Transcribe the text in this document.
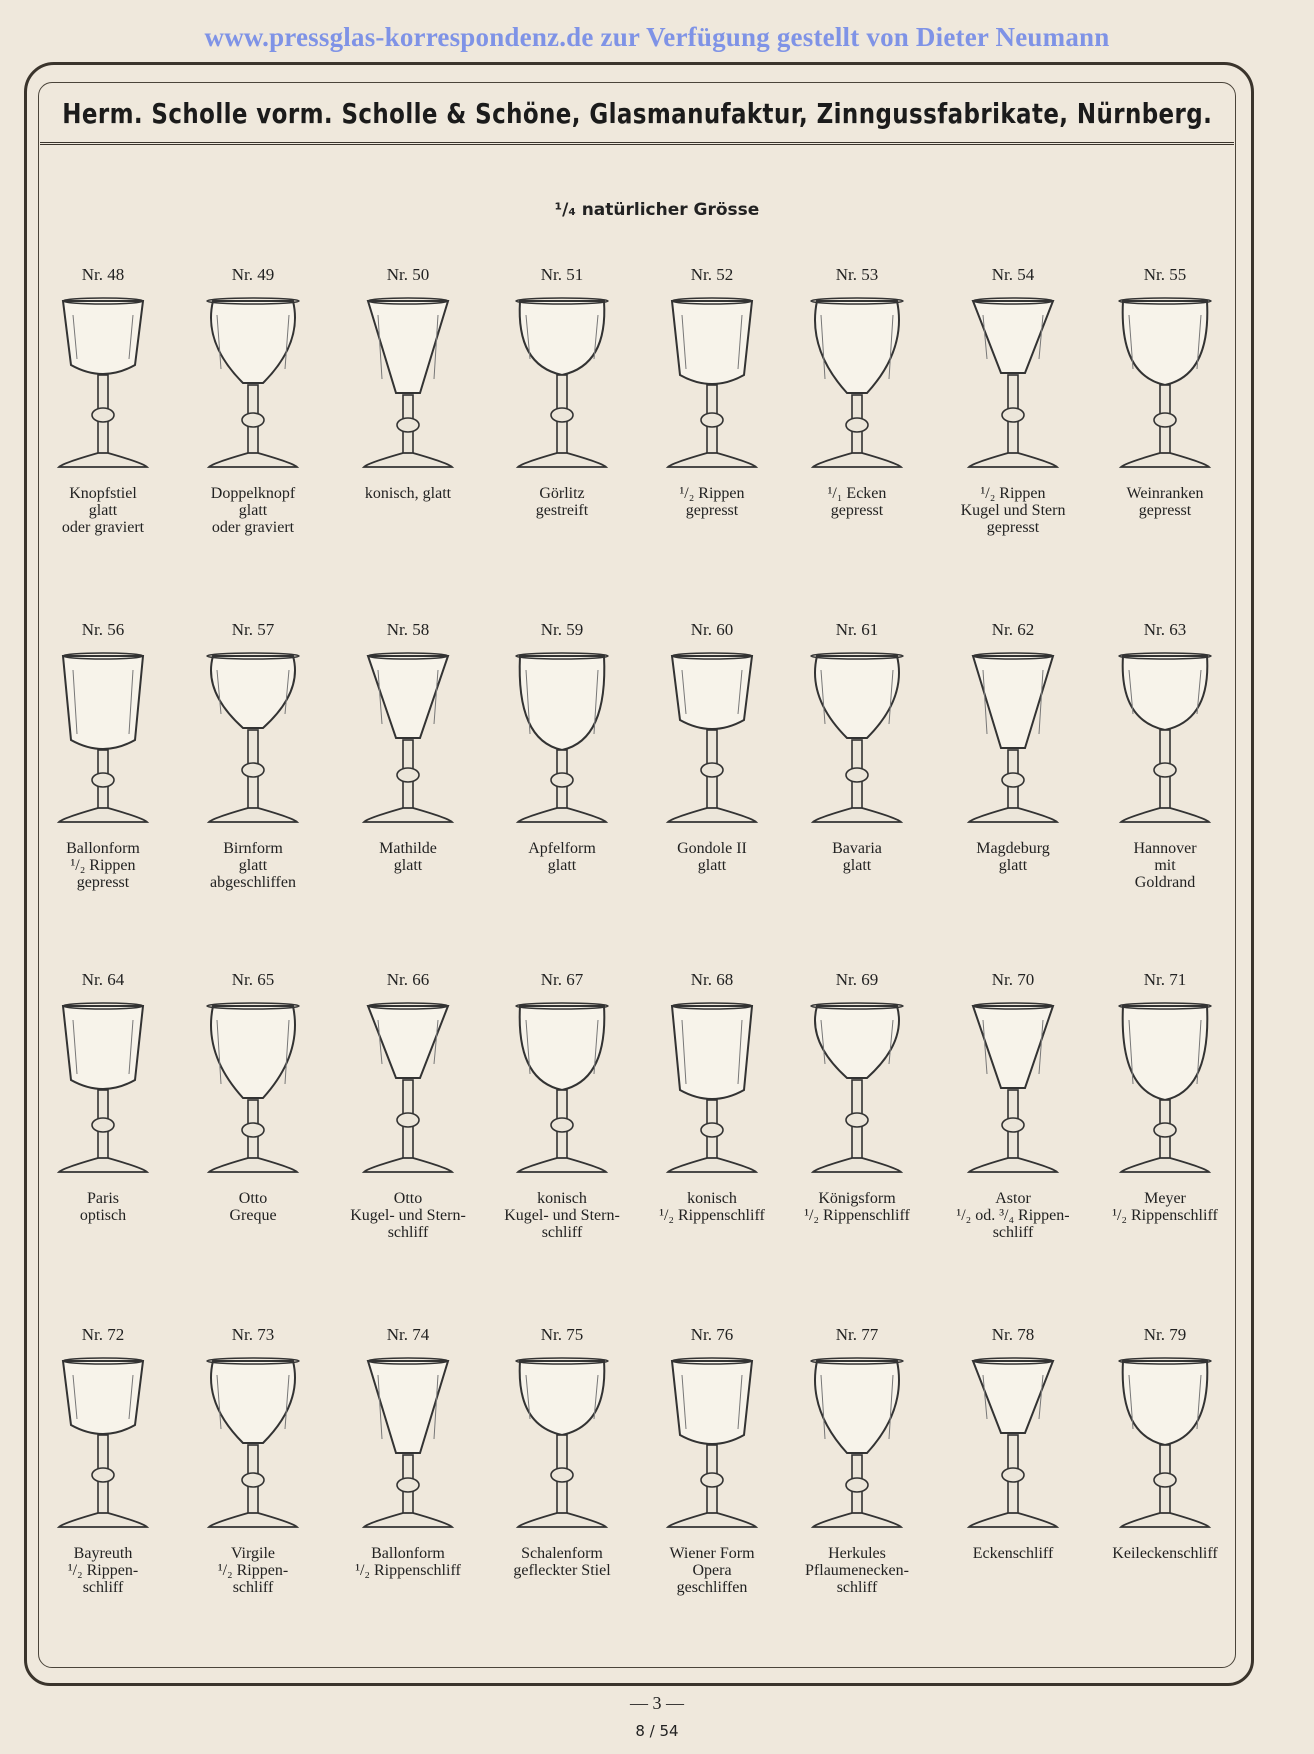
www.pressglas-korrespondenz.de zur Verfügung gestellt von Dieter Neumann
Herm. Scholle vorm. Scholle & Schöne, Glasmanufaktur, Zinngussfabrikate, Nürnberg.
¹/₄ natürlicher Grösse
Nr. 48
Knopfstiel
glatt
oder graviert
Nr. 49
Doppelknopf
glatt
oder graviert
Nr. 50
konisch, glatt
Nr. 51
Görlitz
gestreift
Nr. 52
¹/₂ Rippen
gepresst
Nr. 53
¹/₁ Ecken
gepresst
Nr. 54
¹/₂ Rippen
Kugel und Stern
gepresst
Nr. 55
Weinranken
gepresst
Nr. 56
Ballonform
¹/₂ Rippen
gepresst
Nr. 57
Birnform
glatt
abgeschliffen
Nr. 58
Mathilde
glatt
Nr. 59
Apfelform
glatt
Nr. 60
Gondole II
glatt
Nr. 61
Bavaria
glatt
Nr. 62
Magdeburg
glatt
Nr. 63
Hannover
mit
Goldrand
Nr. 64
Paris
optisch
Nr. 65
Otto
Greque
Nr. 66
Otto
Kugel- und Stern-
schliff
Nr. 67
konisch
Kugel- und Stern-
schliff
Nr. 68
konisch
¹/₂ Rippenschliff
Nr. 69
Königsform
¹/₂ Rippenschliff
Nr. 70
Astor
¹/₂ od. ³/₄ Rippen-
schliff
Nr. 71
Meyer
¹/₂ Rippenschliff
Nr. 72
Bayreuth
¹/₂ Rippen-
schliff
Nr. 73
Virgile
¹/₂ Rippen-
schliff
Nr. 74
Ballonform
¹/₂ Rippenschliff
Nr. 75
Schalenform
gefleckter Stiel
Nr. 76
Wiener Form
Opera
geschliffen
Nr. 77
Herkules
Pflaumenecken-
schliff
Nr. 78
Eckenschliff
Nr. 79
Keileckenschliff
— 3 —
8 / 54
